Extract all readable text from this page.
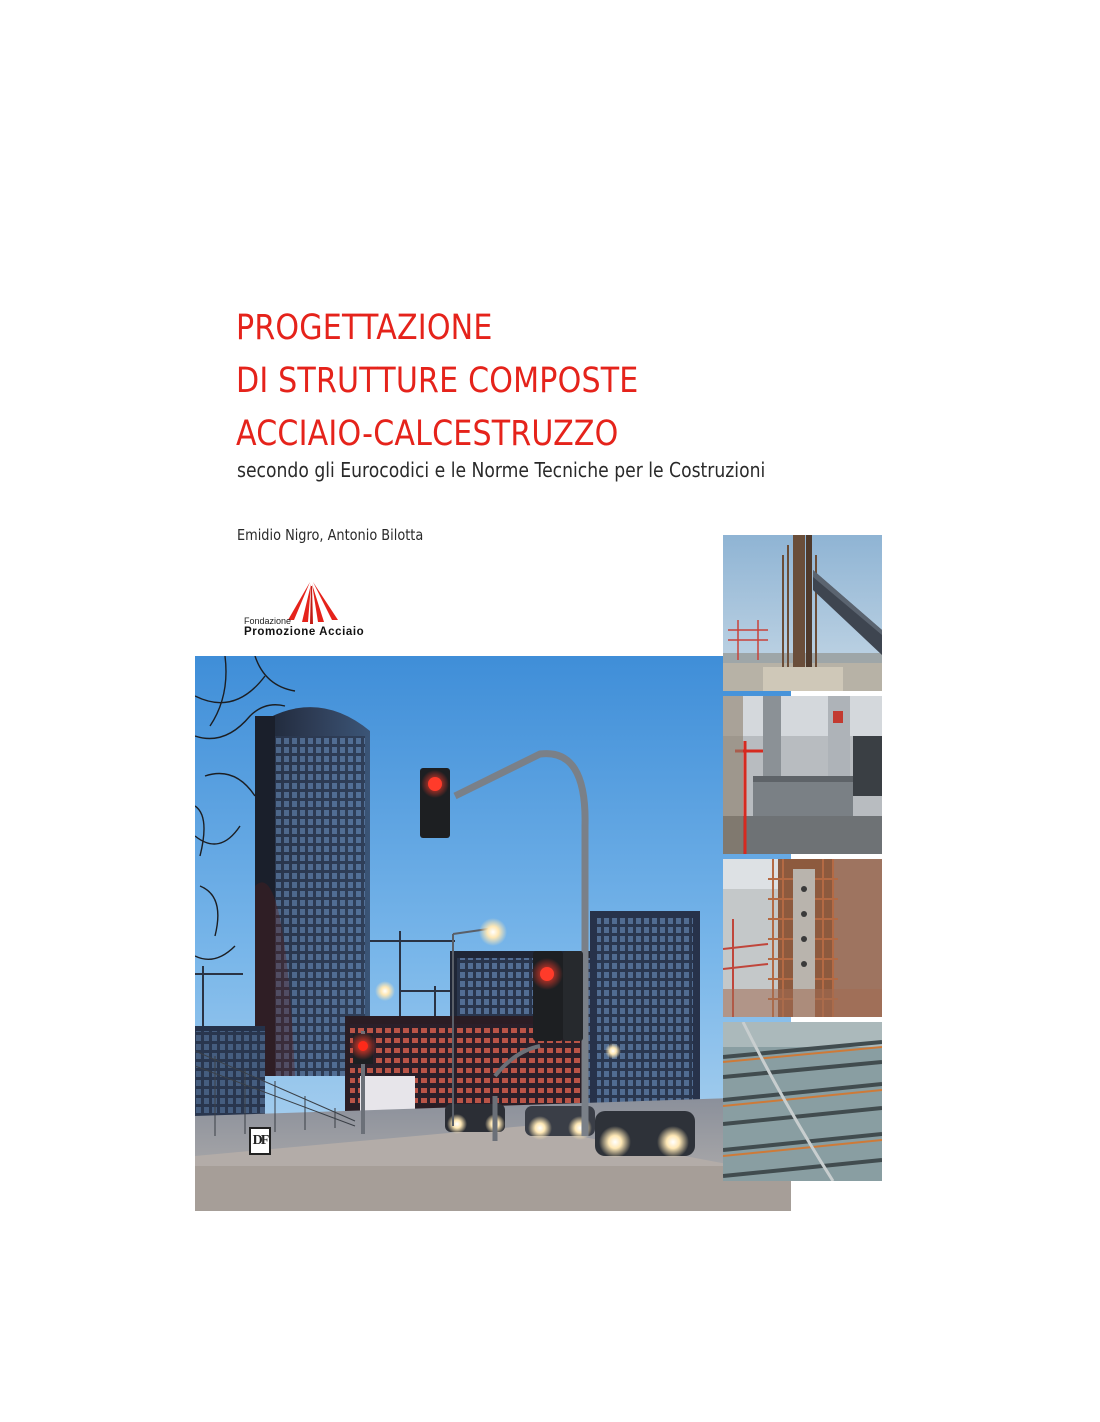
PROGETTAZIONE
DI STRUTTURE COMPOSTE
ACCIAIO-CALCESTRUZZO
secondo gli Eurocodici e le Norme Tecniche per le Costruzioni
Emidio Nigro, Antonio Bilotta
Fondazione
Promozione Acciaio
DF
